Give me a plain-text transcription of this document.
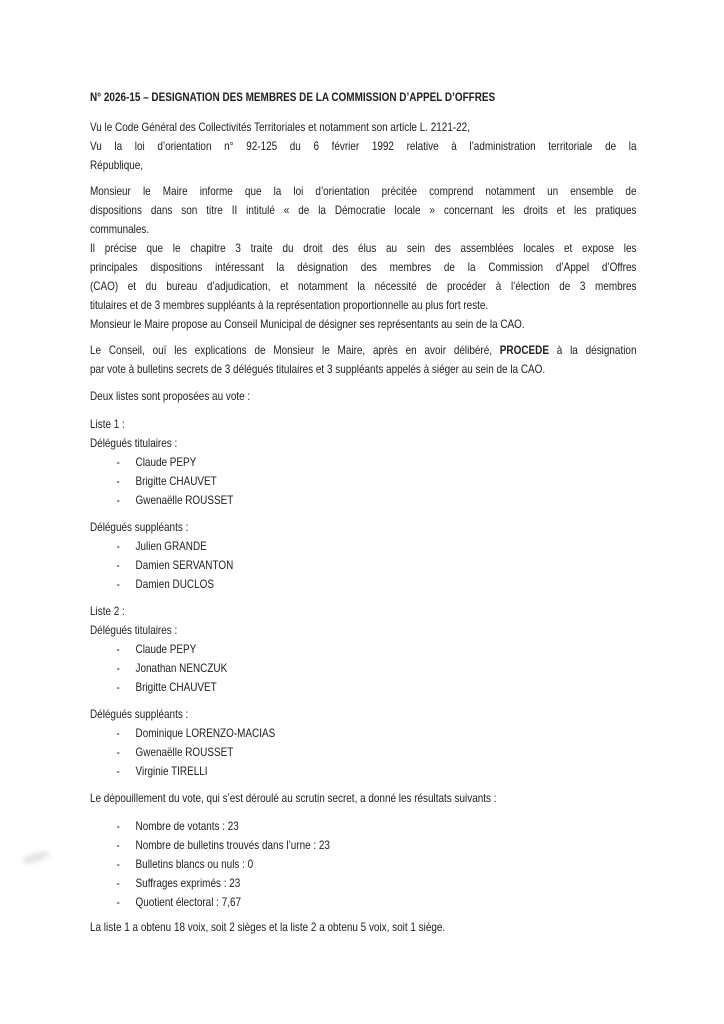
N° 2026-15 – DESIGNATION DES MEMBRES DE LA COMMISSION D’APPEL D’OFFRES
Vu le Code Général des Collectivités Territoriales et notamment son article L. 2121-22,
Vu la loi d’orientation n° 92-125 du 6 février 1992 relative à l’administration territoriale de la
République,
Monsieur le Maire informe que la loi d’orientation précitée comprend notamment un ensemble de
dispositions dans son titre II intitulé « de la Démocratie locale » concernant les droits et les pratiques
communales.
Il précise que le chapitre 3 traite du droit des élus au sein des assemblées locales et expose les
principales dispositions intéressant la désignation des membres de la Commission d’Appel d’Offres
(CAO) et du bureau d’adjudication, et notamment la nécessité de procéder à l’élection de 3 membres
titulaires et de 3 membres suppléants à la représentation proportionnelle au plus fort reste.
Monsieur le Maire propose au Conseil Municipal de désigner ses représentants au sein de la CAO.
Le Conseil, ouï les explications de Monsieur le Maire, après en avoir délibéré, PROCEDE à la désignation
par vote à bulletins secrets de 3 délégués titulaires et 3 suppléants appelés à siéger au sein de la CAO.
Deux listes sont proposées au vote :
Liste 1 :
Délégués titulaires :
-	Claude PEPY
-	Brigitte CHAUVET
-	Gwenaëlle ROUSSET
Délégués suppléants :
-	Julien GRANDE
-	Damien SERVANTON
-	Damien DUCLOS
Liste 2 :
Délégués titulaires :
-	Claude PEPY
-	Jonathan NENCZUK
-	Brigitte CHAUVET
Délégués suppléants :
-	Dominique LORENZO-MACIAS
-	Gwenaëlle ROUSSET
-	Virginie TIRELLI
Le dépouillement du vote, qui s’est déroulé au scrutin secret, a donné les résultats suivants :
-	Nombre de votants : 23
-	Nombre de bulletins trouvés dans l’urne : 23
-	Bulletins blancs ou nuls : 0
-	Suffrages exprimés : 23
-	Quotient électoral : 7,67
La liste 1 a obtenu 18 voix, soit 2 sièges et la liste 2 a obtenu 5 voix, soit 1 siège.
